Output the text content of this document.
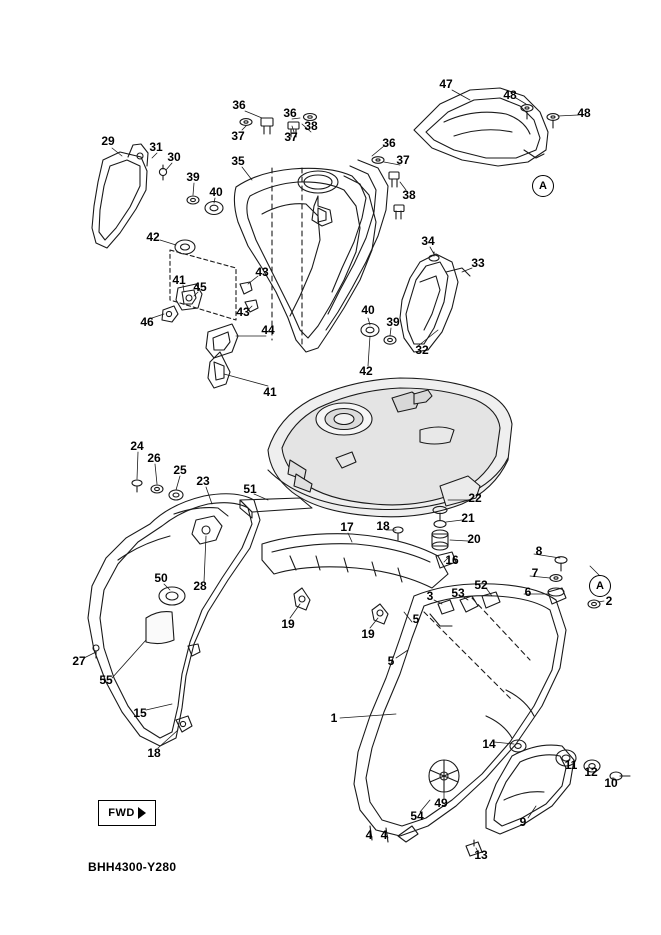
36
36
37	37
38
47
48
48
36
37
38
29	31
30	35
39
40
42
41 45
43
43
46
44
41
34
33
40
39
32
42
24
26
25
23
51
22
21
17 18
20
16
8
7
6
52
53
3	2
50
28
19
19
5
5
27
55
15
18
1
14
11 12
10
49
54	9
4 4
13
A
A
FWD
BHH4300-Y280
